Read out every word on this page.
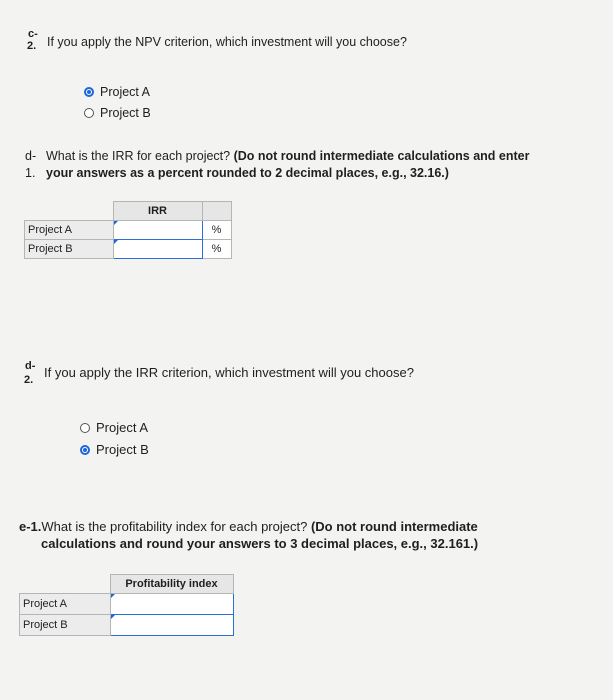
c-
2. If you apply the NPV criterion, which investment will you choose?
Project A
Project B
d-
1.
What is the IRR for each project? (Do not round intermediate calculations and enter
your answers as a percent rounded to 2 decimal places, e.g., 32.16.)
	IRR	
Project A		%
Project B		%
d-
2. If you apply the IRR criterion, which investment will you choose?
Project A
Project B
e-1.What is the profitability index for each project? (Do not round intermediate
calculations and round your answers to 3 decimal places, e.g., 32.161.)
	Profitability index
Project A	
Project B	
